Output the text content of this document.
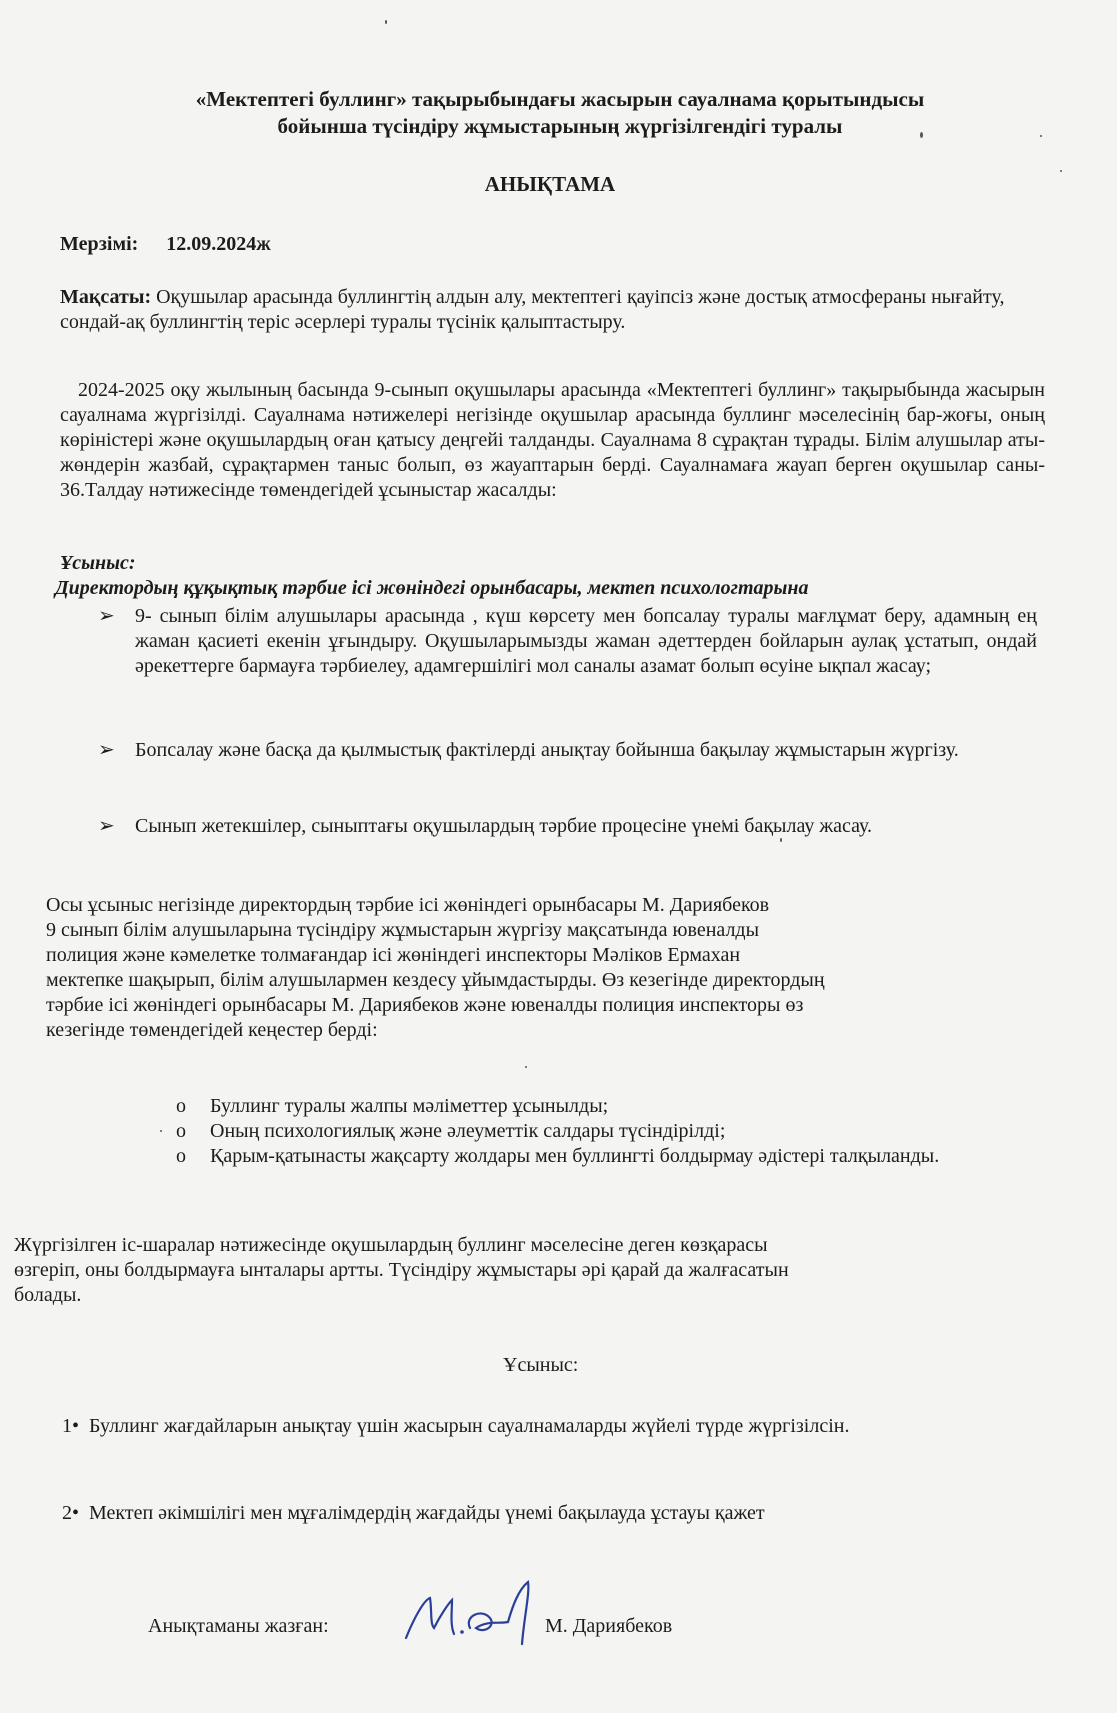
«Мектептегі буллинг» тақырыбындағы жасырын сауалнама қорытындысы
бойынша түсіндіру жұмыстарының жүргізілгендігі туралы
АНЫҚТАМА
Мерзімі: 12.09.2024ж
Мақсаты: Оқушылар арасында буллингтің алдын алу, мектептегі қауіпсіз және достық атмосфераны нығайту, сондай-ақ буллингтің теріс әсерлері туралы түсінік қалыптастыру.
2024-2025 оқу жылының басында 9-сынып оқушылары арасында «Мектептегі буллинг» тақырыбында жасырын сауалнама жүргізілді. Сауалнама нәтижелері негізінде оқушылар арасында буллинг мәселесінің бар-жоғы, оның көріністері және оқушылардың оған қатысу деңгейі талданды. Сауалнама 8 сұрақтан тұрады. Білім алушылар аты-жөндерін жазбай, сұрақтармен таныс болып, өз жауаптарын берді. Сауалнамаға жауап берген оқушылар саны- 36.Талдау нәтижесінде төмендегідей ұсыныстар жасалды:
Ұсыныс:
Директордың құқықтық тәрбие ісі жөніндегі орынбасары, мектеп психологтарына
➢ 9- сынып білім алушылары арасында , күш көрсету мен бопсалау туралы мағлұмат беру, адамның ең жаман қасиеті екенін ұғындыру. Оқушыларымызды жаман әдеттерден бойларын аулақ ұстатып, ондай әрекеттерге бармауға тәрбиелеу, адамгершілігі мол саналы азамат болып өсуіне ықпал жасау;
➢ Бопсалау және басқа да қылмыстық фактілерді анықтау бойынша бақылау жұмыстарын жүргізу.
➢ Сынып жетекшілер, сыныптағы оқушылардың тәрбие процесіне үнемі бақылау жасау.
Осы ұсыныс негізінде директордың тәрбие ісі жөніндегі орынбасары М. Дариябеков
9 сынып білім алушыларына түсіндіру жұмыстарын жүргізу мақсатында ювеналды
полиция және кәмелетке толмағандар ісі жөніндегі инспекторы Мәліков Ермахан
мектепке шақырып, білім алушылармен кездесу ұйымдастырды. Өз кезегінде директордың
тәрбие ісі жөніндегі орынбасары М. Дариябеков және ювеналды полиция инспекторы өз
кезегінде төмендегідей кеңестер берді:
o Буллинг туралы жалпы мәліметтер ұсынылды;
o Оның психологиялық және әлеуметтік салдары түсіндірілді;
o Қарым-қатынасты жақсарту жолдары мен буллингті болдырмау әдістері талқыланды.
Жүргізілген іс-шаралар нәтижесінде оқушылардың буллинг мәселесіне деген көзқарасы
өзгеріп, оны болдырмауға ынталары артты. Түсіндіру жұмыстары әрі қарай да жалғасатын
болады.
Ұсыныс:
1• Буллинг жағдайларын анықтау үшін жасырын сауалнамаларды жүйелі түрде жүргізілсін.
2• Мектеп әкімшілігі мен мұғалімдердің жағдайды үнемі бақылауда ұстауы қажет
Анықтаманы жазған:	М. Дариябеков
